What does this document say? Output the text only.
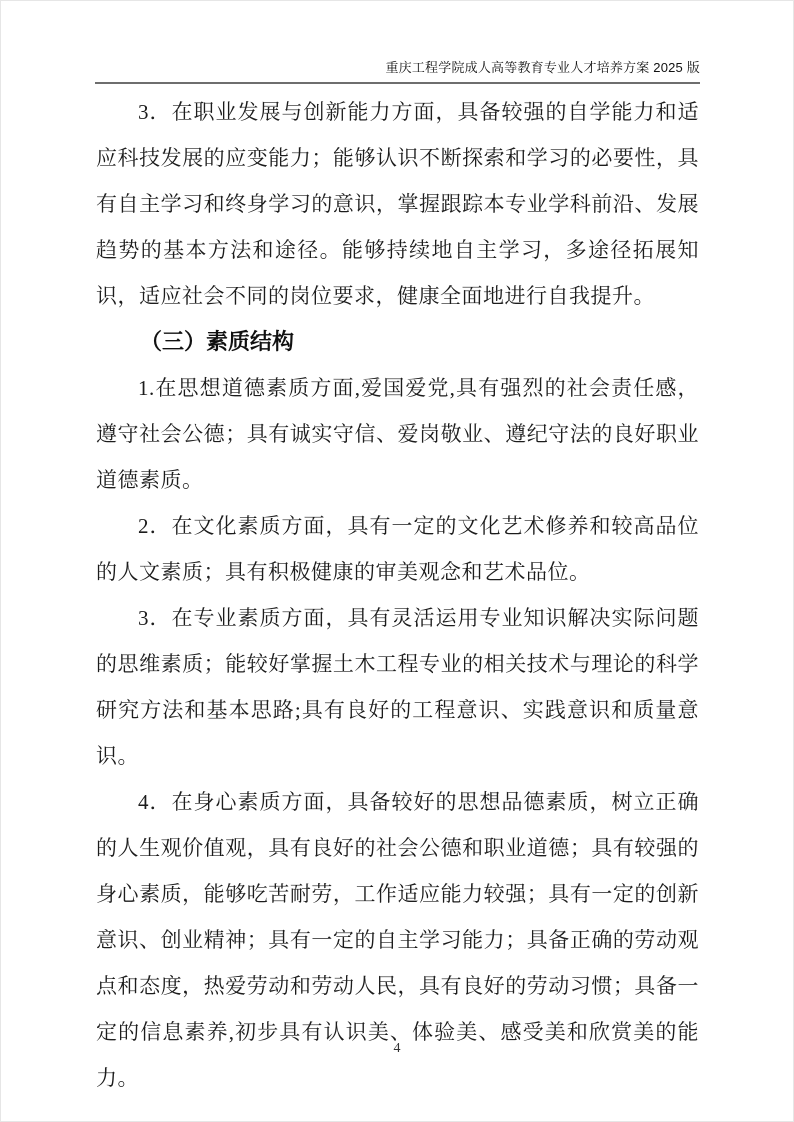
重庆工程学院成人高等教育专业人才培养方案 2025 版

3．在职业发展与创新能力方面，具备较强的自学能力和适应科技发展的应变能力；能够认识不断探索和学习的必要性，具有自主学习和终身学习的意识，掌握跟踪本专业学科前沿、发展趋势的基本方法和途径。能够持续地自主学习，多途径拓展知识，适应社会不同的岗位要求，健康全面地进行自我提升。

（三）素质结构

1.在思想道德素质方面,爱国爱党,具有强烈的社会责任感，遵守社会公德；具有诚实守信、爱岗敬业、遵纪守法的良好职业道德素质。

2．在文化素质方面，具有一定的文化艺术修养和较高品位的人文素质；具有积极健康的审美观念和艺术品位。

3．在专业素质方面，具有灵活运用专业知识解决实际问题的思维素质；能较好掌握土木工程专业的相关技术与理论的科学研究方法和基本思路;具有良好的工程意识、实践意识和质量意识。

4．在身心素质方面，具备较好的思想品德素质，树立正确的人生观价值观，具有良好的社会公德和职业道德；具有较强的身心素质，能够吃苦耐劳，工作适应能力较强；具有一定的创新意识、创业精神；具有一定的自主学习能力；具备正确的劳动观点和态度，热爱劳动和劳动人民，具有良好的劳动习惯；具备一定的信息素养,初步具有认识美、体验美、感受美和欣赏美的能力。

4
